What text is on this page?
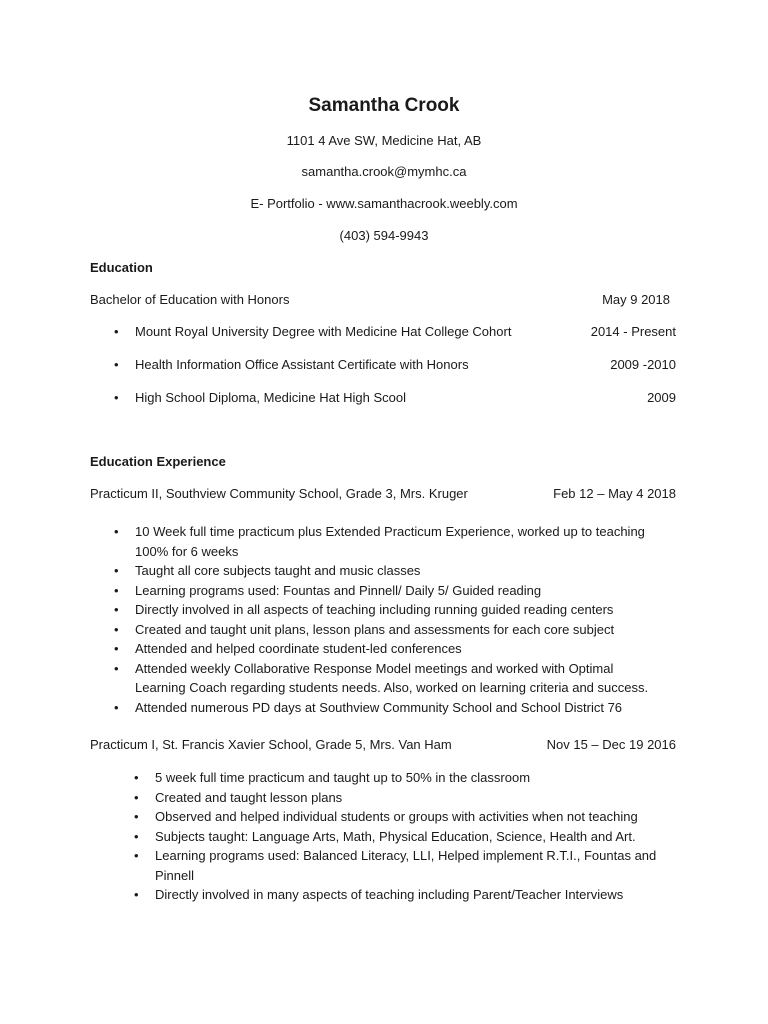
Samantha Crook
1101 4 Ave SW, Medicine Hat, AB
samantha.crook@mymhc.ca
E- Portfolio - www.samanthacrook.weebly.com
(403) 594-9943
Education
Bachelor of Education with Honors	May 9 2018
• Mount Royal University Degree with Medicine Hat College Cohort	2014 - Present
• Health Information Office Assistant Certificate with Honors	2009 -2010
• High School Diploma, Medicine Hat High Scool	2009
Education Experience
Practicum II, Southview Community School, Grade 3, Mrs. Kruger	Feb 12 – May 4 2018
• 10 Week full time practicum plus Extended Practicum Experience, worked up to teaching 100% for 6 weeks
• Taught all core subjects taught and music classes
• Learning programs used: Fountas and Pinnell/ Daily 5/ Guided reading
• Directly involved in all aspects of teaching including running guided reading centers
• Created and taught unit plans, lesson plans and assessments for each core subject
• Attended and helped coordinate student-led conferences
• Attended weekly Collaborative Response Model meetings and worked with Optimal Learning Coach regarding students needs. Also, worked on learning criteria and success.
• Attended numerous PD days at Southview Community School and School District 76
Practicum I, St. Francis Xavier School, Grade 5, Mrs. Van Ham	Nov 15 – Dec 19 2016
• 5 week full time practicum and taught up to 50% in the classroom
• Created and taught lesson plans
• Observed and helped individual students or groups with activities when not teaching
• Subjects taught: Language Arts, Math, Physical Education, Science, Health and Art.
• Learning programs used: Balanced Literacy, LLI, Helped implement R.T.I., Fountas and Pinnell
• Directly involved in many aspects of teaching including Parent/Teacher Interviews
